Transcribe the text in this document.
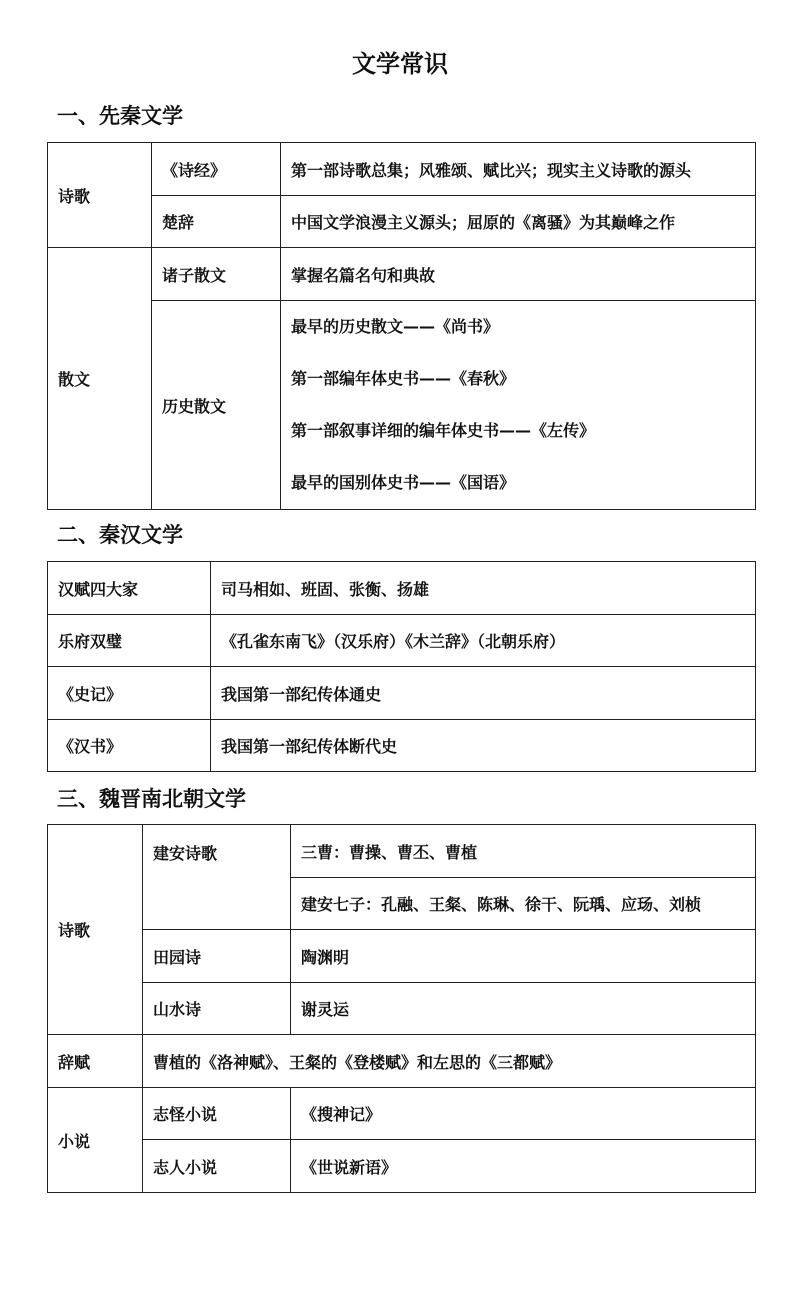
文学常识
一、先秦文学
诗歌	《诗经》	第一部诗歌总集；风雅颂、赋比兴；现实主义诗歌的源头
	楚辞	中国文学浪漫主义源头；屈原的《离骚》为其巅峰之作
散文	诸子散文	掌握名篇名句和典故
	历史散文	最早的历史散文——《尚书》
第一部编年体史书——《春秋》
第一部叙事详细的编年体史书——《左传》
最早的国别体史书——《国语》
二、秦汉文学
汉赋四大家	司马相如、班固、张衡、扬雄
乐府双璧	《孔雀东南飞》（汉乐府）《木兰辞》（北朝乐府）
《史记》	我国第一部纪传体通史
《汉书》	我国第一部纪传体断代史
三、魏晋南北朝文学
诗歌	建安诗歌	三曹：曹操、曹丕、曹植
		建安七子：孔融、王粲、陈琳、徐干、阮瑀、应玚、刘桢
	田园诗	陶渊明
	山水诗	谢灵运
辞赋	曹植的《洛神赋》、王粲的《登楼赋》和左思的《三都赋》	
小说	志怪小说	《搜神记》
	志人小说	《世说新语》
